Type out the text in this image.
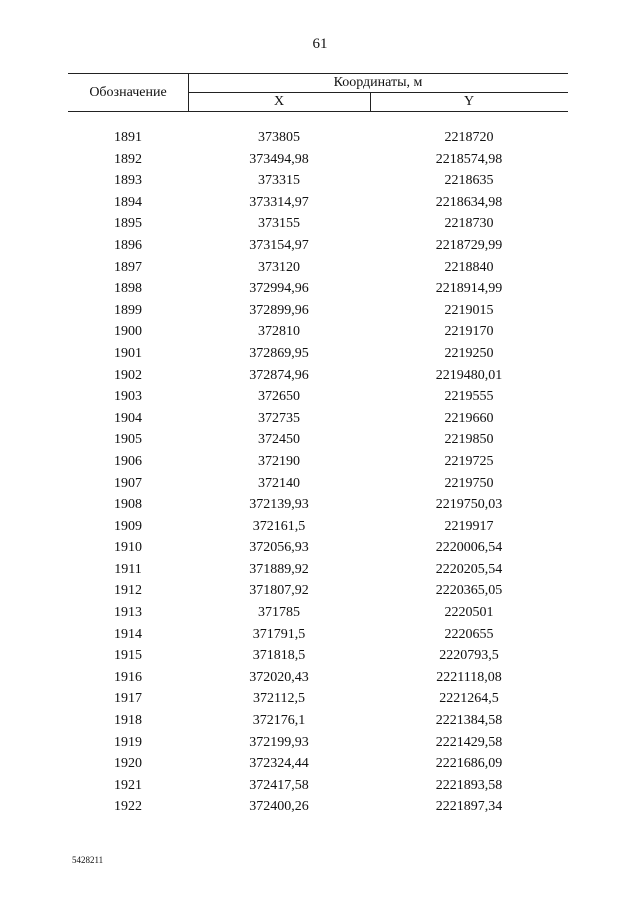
61
Обозначение
Координаты, м
X	Y
1891	373805	2218720
1892	373494,98	2218574,98
1893	373315	2218635
1894	373314,97	2218634,98
1895	373155	2218730
1896	373154,97	2218729,99
1897	373120	2218840
1898	372994,96	2218914,99
1899	372899,96	2219015
1900	372810	2219170
1901	372869,95	2219250
1902	372874,96	2219480,01
1903	372650	2219555
1904	372735	2219660
1905	372450	2219850
1906	372190	2219725
1907	372140	2219750
1908	372139,93	2219750,03
1909	372161,5	2219917
1910	372056,93	2220006,54
1911	371889,92	2220205,54
1912	371807,92	2220365,05
1913	371785	2220501
1914	371791,5	2220655
1915	371818,5	2220793,5
1916	372020,43	2221118,08
1917	372112,5	2221264,5
1918	372176,1	2221384,58
1919	372199,93	2221429,58
1920	372324,44	2221686,09
1921	372417,58	2221893,58
1922	372400,26	2221897,34
5428211
